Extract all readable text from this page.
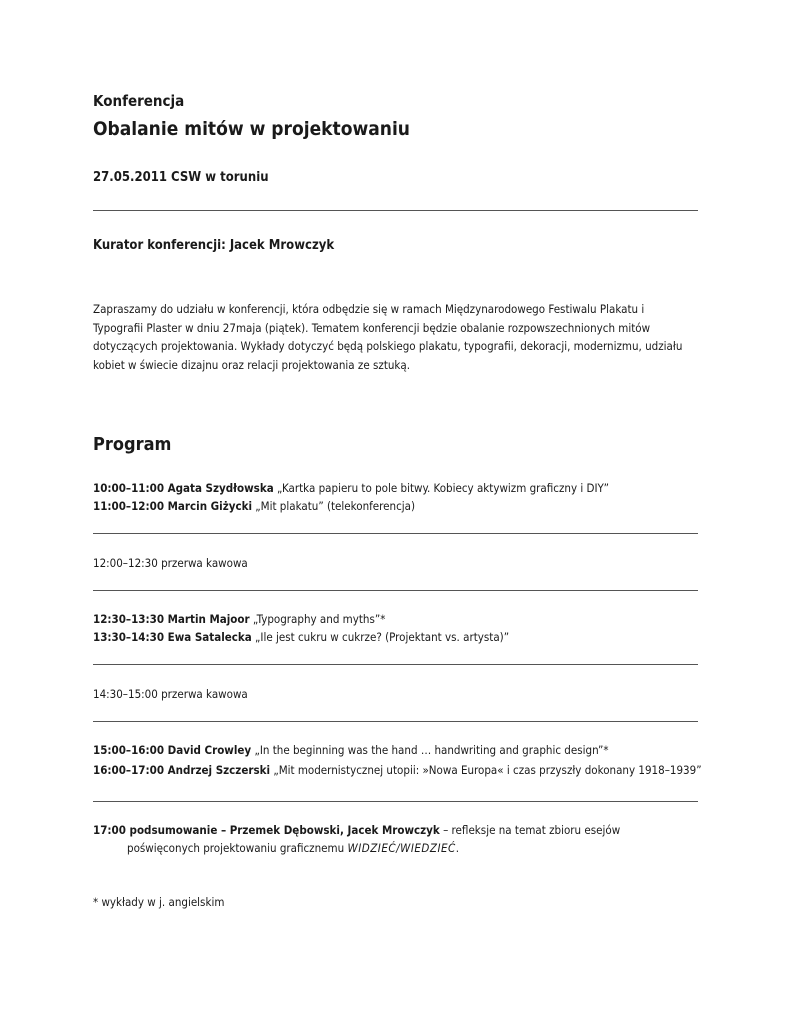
Konferencja
Obalanie mitów w projektowaniu
27.05.2011 CSW w toruniu
Kurator konferencji: Jacek Mrowczyk
Zapraszamy do udziału w konferencji, która odbędzie się w ramach Międzynarodowego Festiwalu Plakatu i Typografii Plaster w dniu 27maja (piątek). Tematem konferencji będzie obalanie rozpowszechnionych mitów dotyczących projektowania. Wykłady dotyczyć będą polskiego plakatu, typografii, dekoracji, modernizmu, udziału kobiet w świecie dizajnu oraz relacji projektowania ze sztuką.
Program
10:00–11:00 Agata Szydłowska „Kartka papieru to pole bitwy. Kobiecy aktywizm graficzny i DIY”
11:00–12:00 Marcin Giżycki „Mit plakatu” (telekonferencja)
12:00–12:30 przerwa kawowa
12:30–13:30 Martin Majoor „Typography and myths”*
13:30–14:30 Ewa Satalecka „Ile jest cukru w cukrze? (Projektant vs. artysta)”
14:30–15:00 przerwa kawowa
15:00–16:00 David Crowley „In the beginning was the hand … handwriting and graphic design”*
16:00–17:00 Andrzej Szczerski „Mit modernistycznej utopii: »Nowa Europa« i czas przyszły dokonany 1918–1939”
17:00 podsumowanie – Przemek Dębowski, Jacek Mrowczyk – refleksje na temat zbioru esejów
poświęconych projektowaniu graficznemu WIDZIEĆ/WIEDZIEĆ.
* wykłady w j. angielskim
